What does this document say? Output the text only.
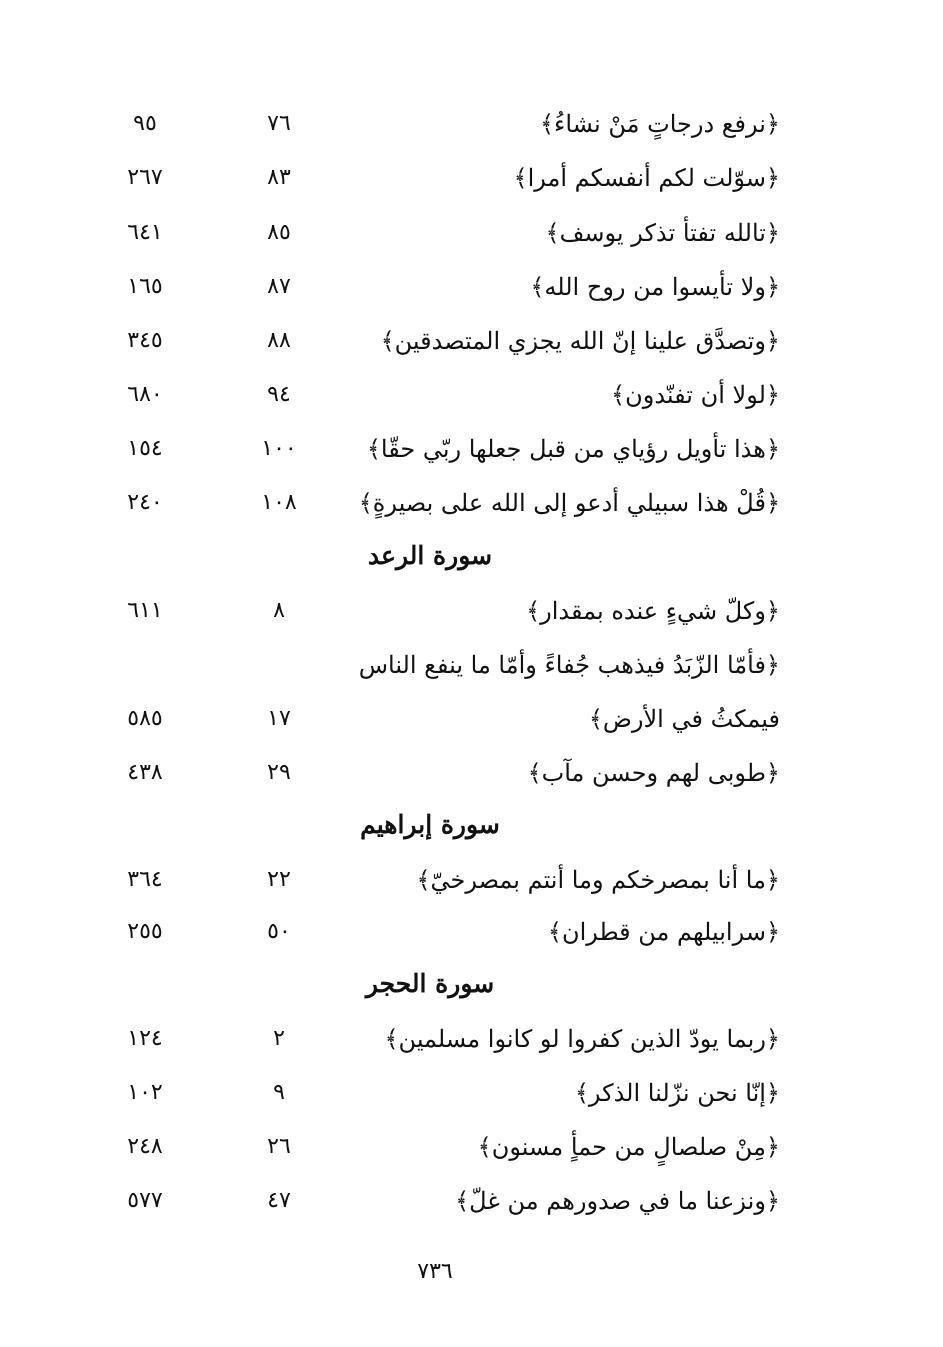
﴿نرفع درجاتٍ مَنْ نشاءُ﴾
٧٦
٩٥
﴿سوّلت لكم أنفسكم أمرا﴾
٨٣
٢٦٧
﴿تالله تفتأ تذكر يوسف﴾
٨٥
٦٤١
﴿ولا تأيسوا من روح الله﴾
٨٧
١٦٥
﴿وتصدَّق علينا إنّ الله يجزي المتصدقين﴾
٨٨
٣٤٥
﴿لولا أن تفنّدون﴾
٩٤
٦٨٠
﴿هذا تأويل رؤياي من قبل جعلها ربّي حقّا﴾
١٠٠
١٥٤
﴿قُلْ هذا سبيلي أدعو إلى الله على بصيرةٍ﴾
١٠٨
٢٤٠
سورة الرعد
﴿وكلّ شيءٍ عنده بمقدار﴾
٨
٦١١
﴿فأمّا الزّبَدُ فيذهب جُفاءً وأمّا ما ينفع الناس
فيمكثُ في الأرض﴾
١٧
٥٨٥
﴿طوبى لهم وحسن مآب﴾
٢٩
٤٣٨
سورة إبراهيم
﴿ما أنا بمصرخكم وما أنتم بمصرخيّ﴾
٢٢
٣٦٤
﴿سرابيلهم من قطران﴾
٥٠
٢٥٥
سورة الحجر
﴿ربما يودّ الذين كفروا لو كانوا مسلمين﴾
٢
١٢٤
﴿إنّا نحن نزّلنا الذكر﴾
٩
١٠٢
﴿مِنْ صلصالٍ من حمأٍ مسنون﴾
٢٦
٢٤٨
﴿ونزعنا ما في صدورهم من غلّ﴾
٤٧
٥٧٧
٧٣٦
